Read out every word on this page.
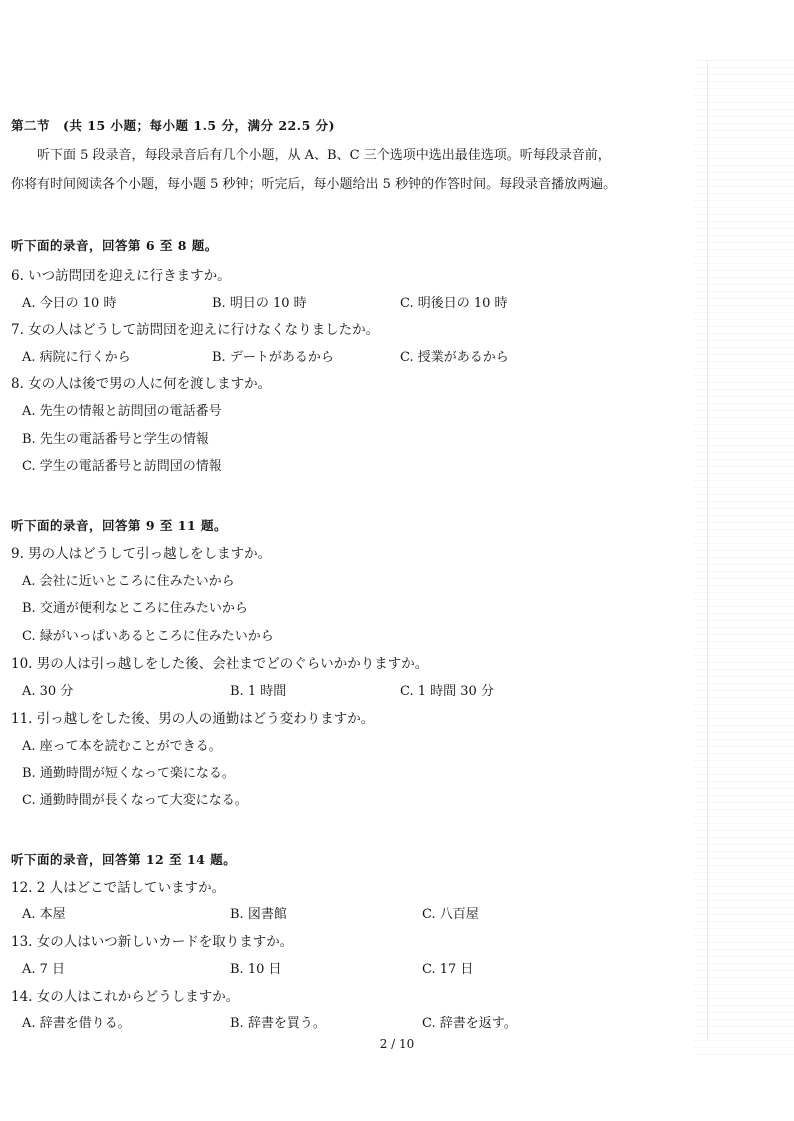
第二节　(共 15 小题；每小题 1.5 分，满分 22.5 分)
　　听下面 5 段录音，每段录音后有几个小题，从 A、B、C 三个选项中选出最佳选项。听每段录音前，
你将有时间阅读各个小题，每小题 5 秒钟；听完后，每小题给出 5 秒钟的作答时间。每段录音播放两遍。
听下面的录音，回答第 6 至 8 题。
6. いつ訪問団を迎えに行きますか。
A. 今日の 10 時	B. 明日の 10 時	C. 明後日の 10 時
7. 女の人はどうして訪問団を迎えに行けなくなりましたか。
A. 病院に行くから	B. デートがあるから	C. 授業があるから
8. 女の人は後で男の人に何を渡しますか。
A. 先生の情報と訪問団の電話番号
B. 先生の電話番号と学生の情報
C. 学生の電話番号と訪問団の情報
听下面的录音，回答第 9 至 11 题。
9. 男の人はどうして引っ越しをしますか。
A. 会社に近いところに住みたいから
B. 交通が便利なところに住みたいから
C. 緑がいっぱいあるところに住みたいから
10. 男の人は引っ越しをした後、会社までどのぐらいかかりますか。
A. 30 分	B. 1 時間	C. 1 時間 30 分
11. 引っ越しをした後、男の人の通勤はどう変わりますか。
A. 座って本を読むことができる。
B. 通勤時間が短くなって楽になる。
C. 通勤時間が長くなって大変になる。
听下面的录音，回答第 12 至 14 题。
12. 2 人はどこで話していますか。
A. 本屋	B. 図書館	C. 八百屋
13. 女の人はいつ新しいカードを取りますか。
A. 7 日	B. 10 日	C. 17 日
14. 女の人はこれからどうしますか。
A. 辞書を借りる。	B. 辞書を買う。	C. 辞書を返す。
2 / 10
